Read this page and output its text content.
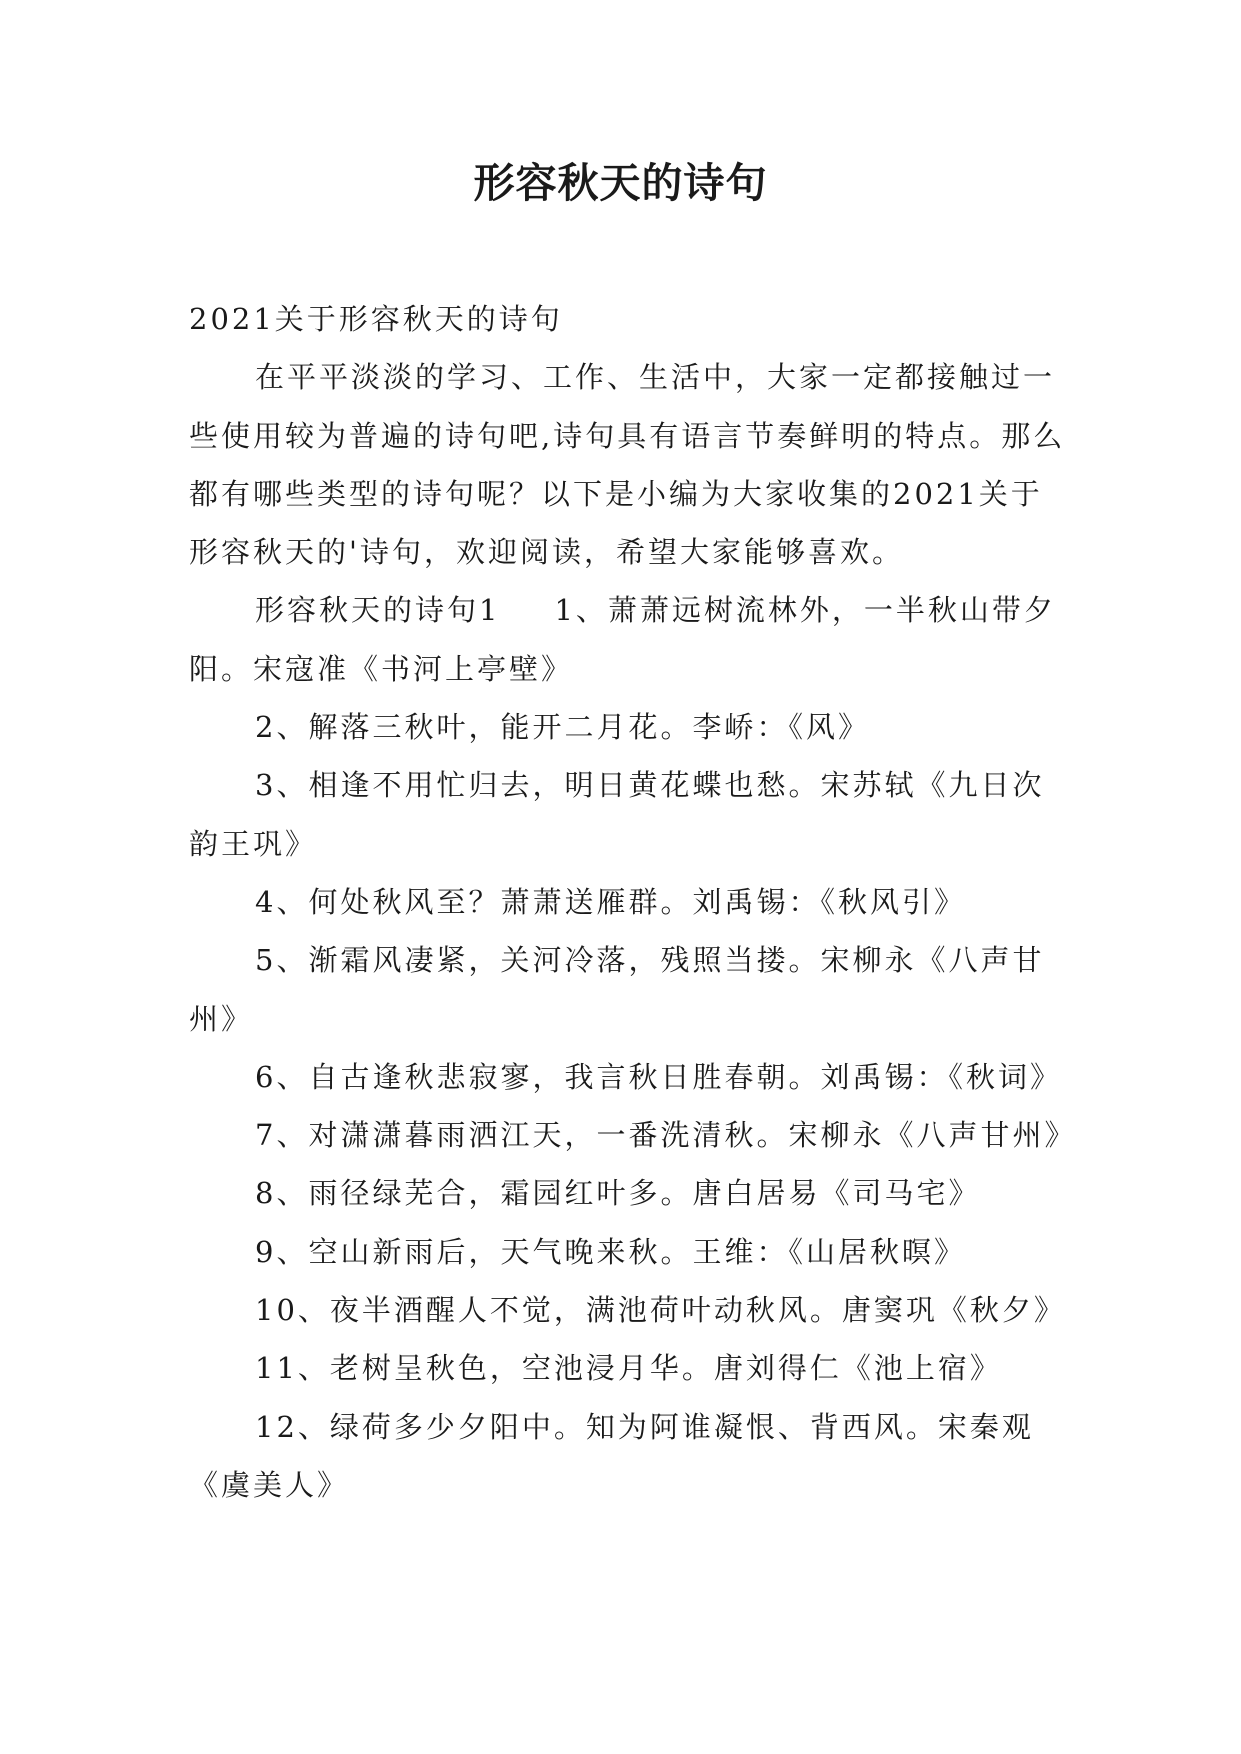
形容秋天的诗句

2021关于形容秋天的诗句

在平平淡淡的学习、工作、生活中，大家一定都接触过一些使用较为普遍的诗句吧,诗句具有语言节奏鲜明的特点。那么都有哪些类型的诗句呢？以下是小编为大家收集的2021关于形容秋天的'诗句，欢迎阅读，希望大家能够喜欢。

形容秋天的诗句1 1、萧萧远树流林外，一半秋山带夕阳。宋寇准《书河上亭壁》

2、解落三秋叶，能开二月花。李峤：《风》

3、相逢不用忙归去，明日黄花蝶也愁。宋苏轼《九日次韵王巩》

4、何处秋风至？萧萧送雁群。刘禹锡：《秋风引》

5、渐霜风凄紧，关河冷落，残照当搂。宋柳永《八声甘州》

6、自古逢秋悲寂寥，我言秋日胜春朝。刘禹锡：《秋词》

7、对潇潇暮雨洒江天，一番洗清秋。宋柳永《八声甘州》

8、雨径绿芜合，霜园红叶多。唐白居易《司马宅》

9、空山新雨后，天气晚来秋。王维：《山居秋暝》

10、夜半酒醒人不觉，满池荷叶动秋风。唐窦巩《秋夕》

11、老树呈秋色，空池浸月华。唐刘得仁《池上宿》

12、绿荷多少夕阳中。知为阿谁凝恨、背西风。宋秦观《虞美人》
